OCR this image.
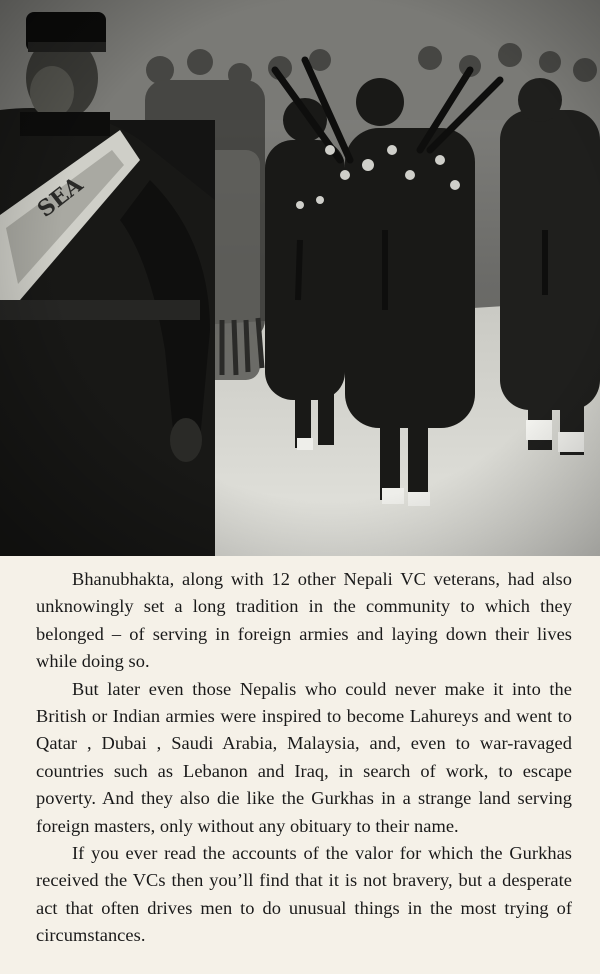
Bhanubhakta, along with 12 other Nepali VC veterans, had also unknowingly set a long tradition in the community to which they belonged – of serving in foreign armies and laying down their lives while doing so.

But later even those Nepalis who could never make it into the British or Indian armies were inspired to become Lahureys and went to Qatar , Dubai , Saudi Arabia, Malaysia, and, even to war-ravaged countries such as Lebanon and Iraq, in search of work, to escape poverty. And they also die like the Gurkhas in a strange land serving foreign masters, only without any obituary to their name.

If you ever read the accounts of the valor for which the Gurkhas received the VCs then you’ll find that it is not bravery, but a desperate act that often drives men to do unusual things in the most trying of circumstances.
